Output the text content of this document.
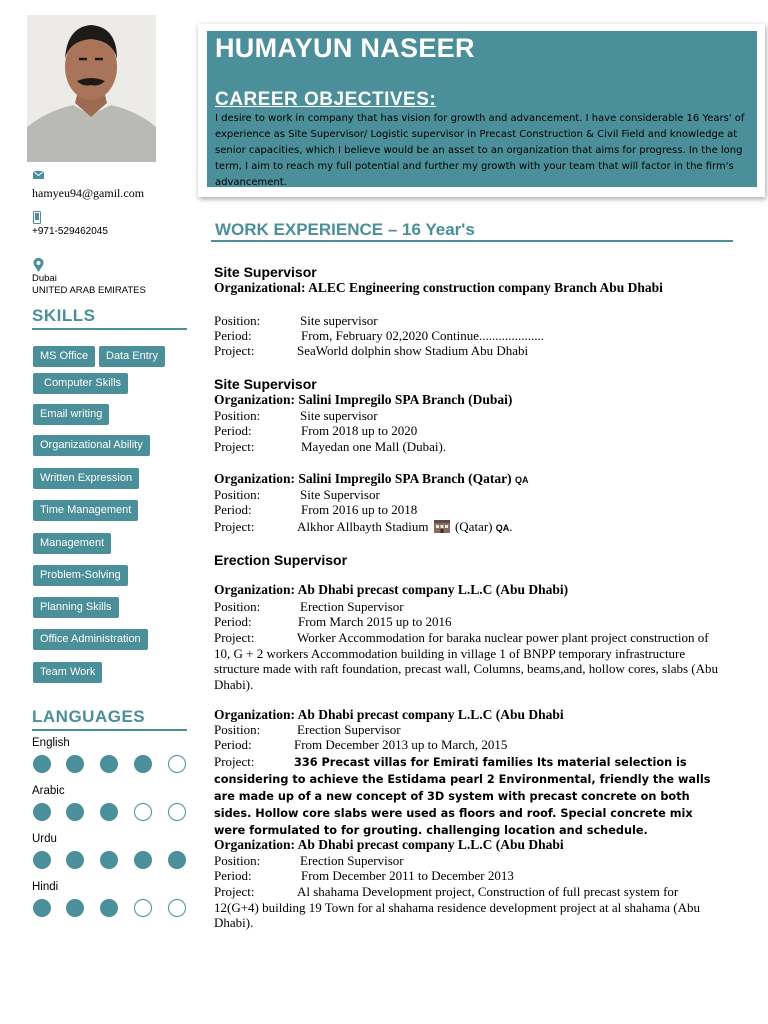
hamyeu94@gamil.com
+971-529462045
Dubai
UNITED ARAB EMIRATES
SKILLS
MS Office	Data Entry
Computer Skills
Email writing
Organizational Ability
Written Expression
Time Management
Management
Problem-Solving
Planning Skills
Office Administration
Team Work
LANGUAGES
English
Arabic
Urdu
Hindi
HUMAYUN NASEER
CAREER OBJECTIVES:
I desire to work in company that has vision for growth and advancement. I have considerable 16 Years' of experience as Site Supervisor/ Logistic supervisor in Precast Construction & Civil Field and knowledge at senior capacities, which I believe would be an asset to an organization that aims for progress. In the long term, I aim to reach my full potential and further my growth with your team that will factor in the firm's advancement.
WORK EXPERIENCE – 16 Year's
Site Supervisor
Organizational: ALEC Engineering construction company Branch Abu Dhabi
Position:	Site supervisor
Period:	From, February 02,2020 Continue....................
Project:	SeaWorld dolphin show Stadium Abu Dhabi
Site Supervisor
Organization: Salini Impregilo SPA Branch (Dubai)
Position:	Site supervisor
Period:	From 2018 up to 2020
Project:	Mayedan one Mall (Dubai).
Organization: Salini Impregilo SPA Branch (Qatar) QA
Position:	Site Supervisor
Period:	From 2016 up to 2018
Project:	Alkhor Allbayth Stadium (Qatar) QA.
Erection Supervisor
Organization: Ab Dhabi precast company L.L.C (Abu Dhabi)
Position:	Erection Supervisor
Period:	From March 2015 up to 2016
Project:	Worker Accommodation for baraka nuclear power plant project construction of 10, G + 2 workers Accommodation building in village 1 of BNPP temporary infrastructure structure made with raft foundation, precast wall, Columns, beams,and, hollow cores, slabs (Abu Dhabi).
Organization: Ab Dhabi precast company L.L.C (Abu Dhabi
Position:	Erection Supervisor
Period:	From December 2013 up to March, 2015
Project:	336 Precast villas for Emirati families Its material selection is considering to achieve the Estidama pearl 2 Environmental, friendly the walls are made up of a new concept of 3D system with precast concrete on both sides. Hollow core slabs were used as floors and roof. Special concrete mix were formulated to for grouting. challenging location and schedule.
Organization: Ab Dhabi precast company L.L.C (Abu Dhabi
Position:	Erection Supervisor
Period:	From December 2011 to December 2013
Project:	Al shahama Development project, Construction of full precast system for 12(G+4) building 19 Town for al shahama residence development project at al shahama (Abu Dhabi).
